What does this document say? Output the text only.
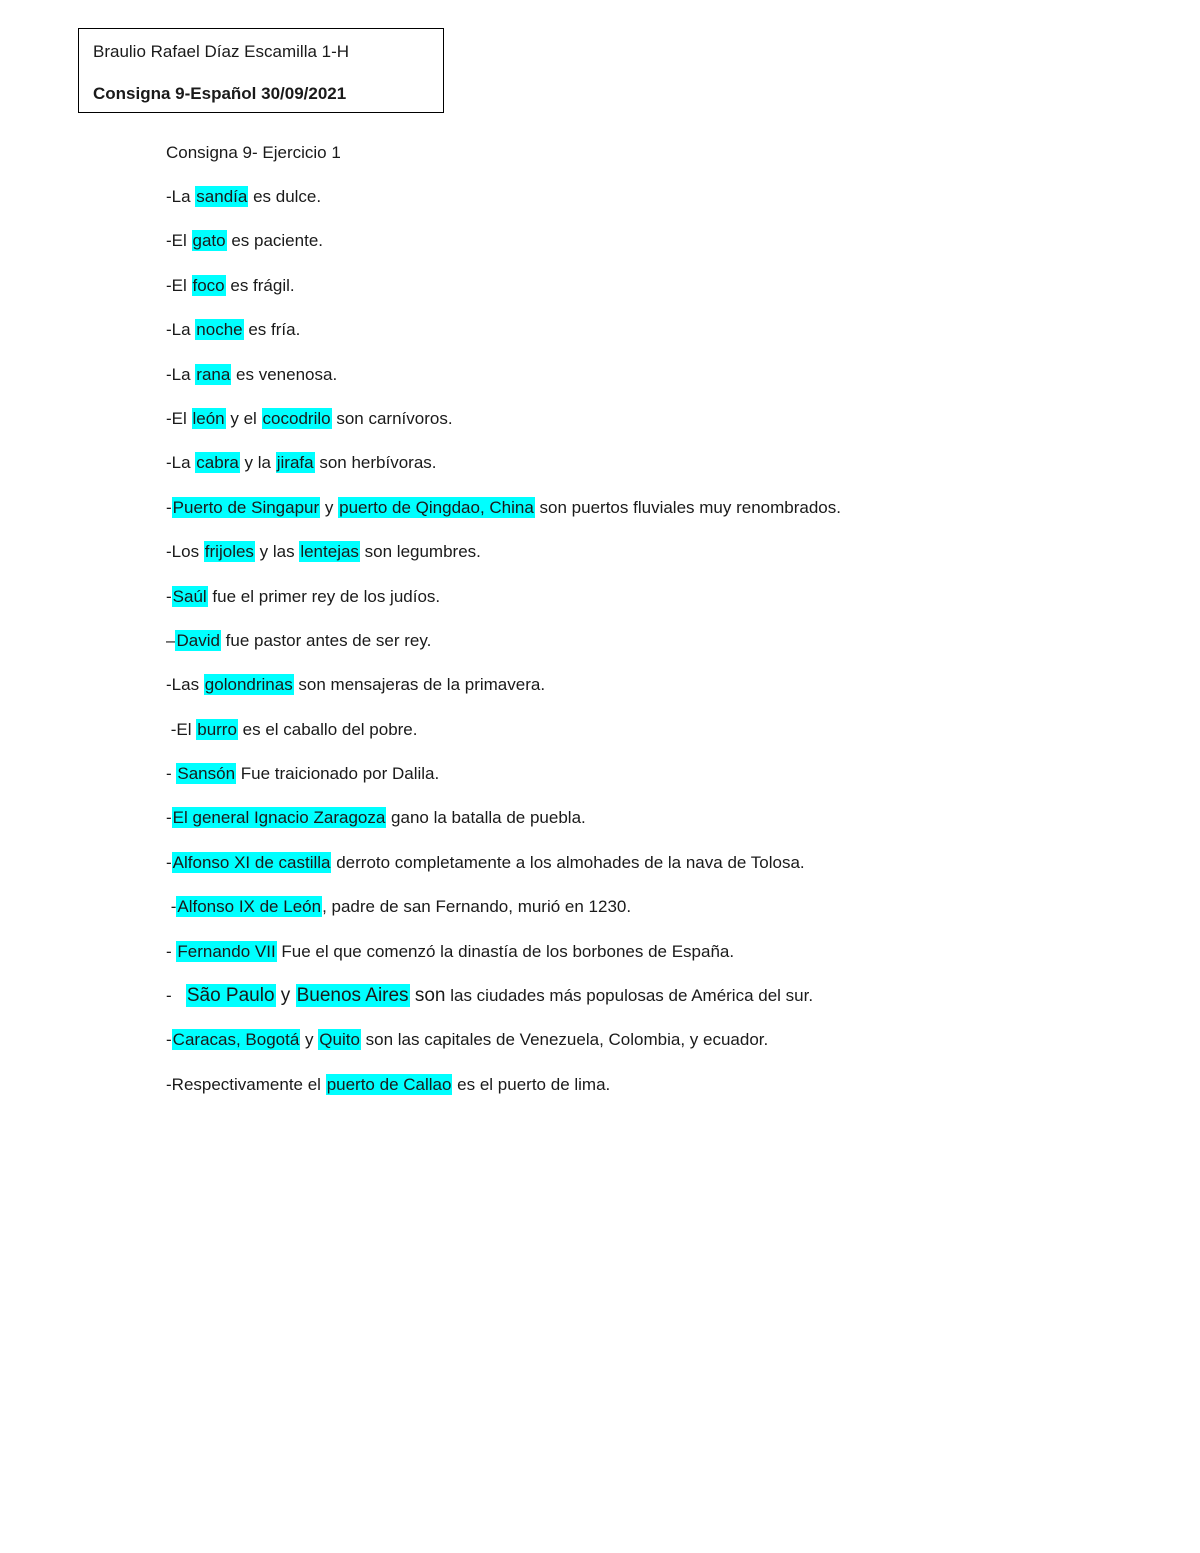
Braulio Rafael Díaz Escamilla 1-H
Consigna 9-Español 30/09/2021
Consigna 9- Ejercicio 1
-La sandía es dulce.
-El gato es paciente.
-El foco es frágil.
-La noche es fría.
-La rana es venenosa.
-El león y el cocodrilo son carnívoros.
-La cabra y la jirafa son herbívoras.
-Puerto de Singapur y puerto de Qingdao, China son puertos fluviales muy renombrados.
-Los frijoles y las lentejas son legumbres.
-Saúl fue el primer rey de los judíos.
–David fue pastor antes de ser rey.
-Las golondrinas son mensajeras de la primavera.
-El burro es el caballo del pobre.
- Sansón Fue traicionado por Dalila.
-El general Ignacio Zaragoza gano la batalla de puebla.
-Alfonso XI de castilla derroto completamente a los almohades de la nava de Tolosa.
-Alfonso IX de León, padre de san Fernando, murió en 1230.
- Fernando VII Fue el que comenzó la dinastía de los borbones de España.
-   São Paulo y Buenos Aires son las ciudades más populosas de América del sur.
-Caracas, Bogotá y Quito son las capitales de Venezuela, Colombia, y ecuador.
-Respectivamente el puerto de Callao es el puerto de lima.
